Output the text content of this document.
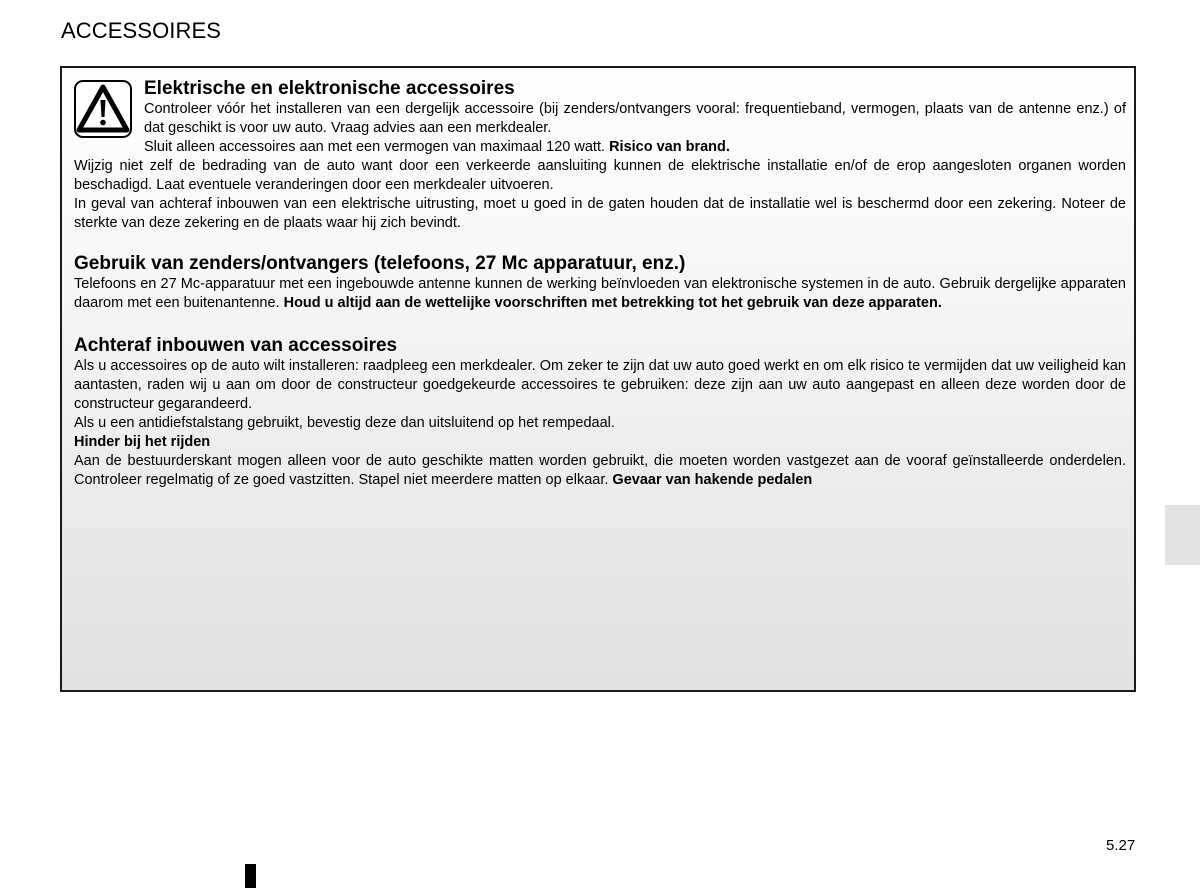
ACCESSOIRES
Elektrische en elektronische accessoires

Controleer vóór het installeren van een dergelijk accessoire (bij zenders/ontvangers vooral: frequentieband, vermogen, plaats van de antenne enz.) of dat geschikt is voor uw auto. Vraag advies aan een merkdealer.

Sluit alleen accessoires aan met een vermogen van maximaal 120 watt. Risico van brand.

Wijzig niet zelf de bedrading van de auto want door een verkeerde aansluiting kunnen de elektrische installatie en/of de erop aangesloten organen worden beschadigd. Laat eventuele veranderingen door een merkdealer uitvoeren.

In geval van achteraf inbouwen van een elektrische uitrusting, moet u goed in de gaten houden dat de installatie wel is beschermd door een zekering. Noteer de sterkte van deze zekering en de plaats waar hij zich bevindt.

Gebruik van zenders/ontvangers (telefoons, 27 Mc apparatuur, enz.)

Telefoons en 27 Mc-apparatuur met een ingebouwde antenne kunnen de werking beïnvloeden van elektronische systemen in de auto. Gebruik dergelijke apparaten daarom met een buitenantenne. Houd u altijd aan de wettelijke voorschriften met betrekking tot het gebruik van deze apparaten.

Achteraf inbouwen van accessoires

Als u accessoires op de auto wilt installeren: raadpleeg een merkdealer. Om zeker te zijn dat uw auto goed werkt en om elk risico te vermijden dat uw veiligheid kan aantasten, raden wij u aan om door de constructeur goedgekeurde accessoires te gebruiken: deze zijn aan uw auto aangepast en alleen deze worden door de constructeur gegarandeerd.

Als u een antidiefstalstang gebruikt, bevestig deze dan uitsluitend op het rempedaal.

Hinder bij het rijden

Aan de bestuurderskant mogen alleen voor de auto geschikte matten worden gebruikt, die moeten worden vastgezet aan de vooraf geïnstalleerde onderdelen. Controleer regelmatig of ze goed vastzitten. Stapel niet meerdere matten op elkaar. Gevaar van hakende pedalen

5.27
